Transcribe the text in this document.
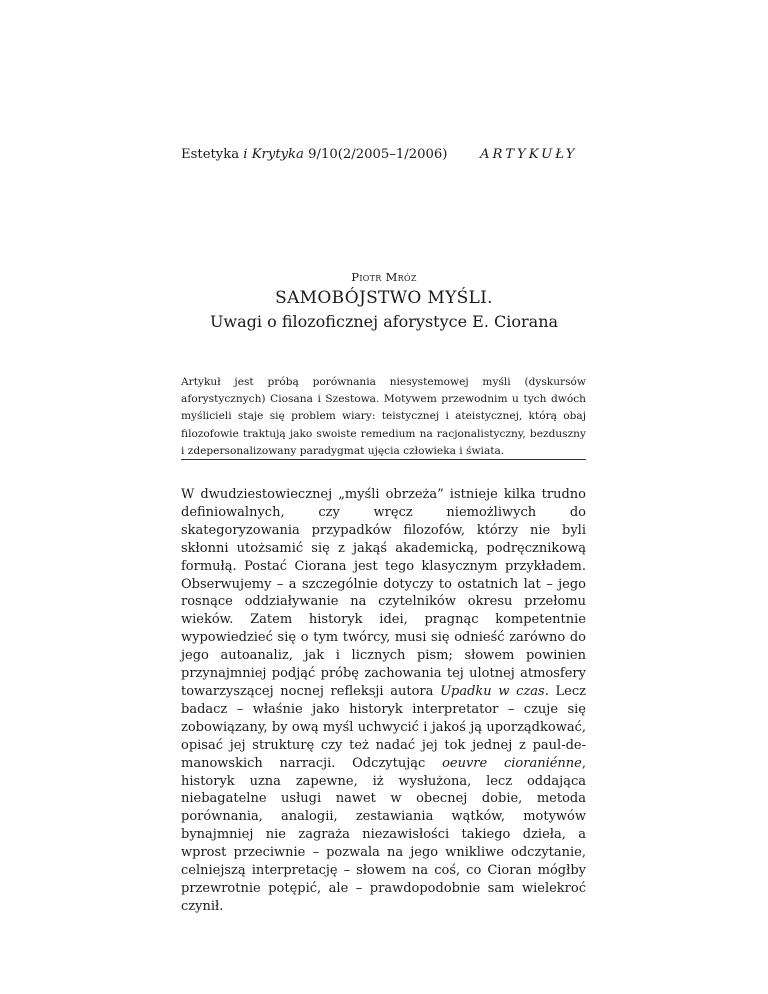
Estetyka i Krytyka 9/10(2/2005–1/2006) ARTYKUŁY
Piotr Mróz
SAMOBÓJSTWO MYŚLI.
Uwagi o filozoficznej aforystyce E. Ciorana
Artykuł jest próbą porównania niesystemowej myśli (dyskursów aforystycznych) Ciosana i Szestowa. Motywem przewodnim u tych dwóch myślicieli staje się problem wiary: teistycznej i ateistycznej, którą obaj filozofowie traktują jako swoiste remedium na racjonalistyczny, bezduszny i zdepersonalizowany paradygmat ujęcia człowieka i świata.
W dwudziestowiecznej „myśli obrzeża” istnieje kilka trudno definiowalnych, czy wręcz niemożliwych do skategoryzowania przypadków filozofów, którzy nie byli skłonni utożsamić się z jakąś akademicką, podręcznikową formułą. Postać Ciorana jest tego klasycznym przykładem. Obserwujemy – a szczególnie dotyczy to ostatnich lat – jego rosnące oddziaływanie na czytelników okresu przełomu wieków. Zatem historyk idei, pragnąc kompetentnie wypowiedzieć się o tym twórcy, musi się odnieść zarówno do jego autoanaliz, jak i licznych pism; słowem powinien przynajmniej podjąć próbę zachowania tej ulotnej atmosfery towarzyszącej nocnej refleksji autora Upadku w czas. Lecz badacz – właśnie jako historyk interpretator – czuje się zobowiązany, by ową myśl uchwycić i jakoś ją uporządkować, opisać jej strukturę czy też nadać jej tok jednej z paul-de-manowskich narracji. Odczytując oeuvre cioraniénne, historyk uzna zapewne, iż wysłużona, lecz oddająca niebagatelne usługi nawet w obecnej dobie, metoda porównania, analogii, zestawiania wątków, motywów bynajmniej nie zagraża niezawisłości takiego dzieła, a wprost przeciwnie – pozwala na jego wnikliwe odczytanie, celniejszą interpretację – słowem na coś, co Cioran mógłby przewrotnie potępić, ale – prawdopodobnie sam wielekroć czynił.
